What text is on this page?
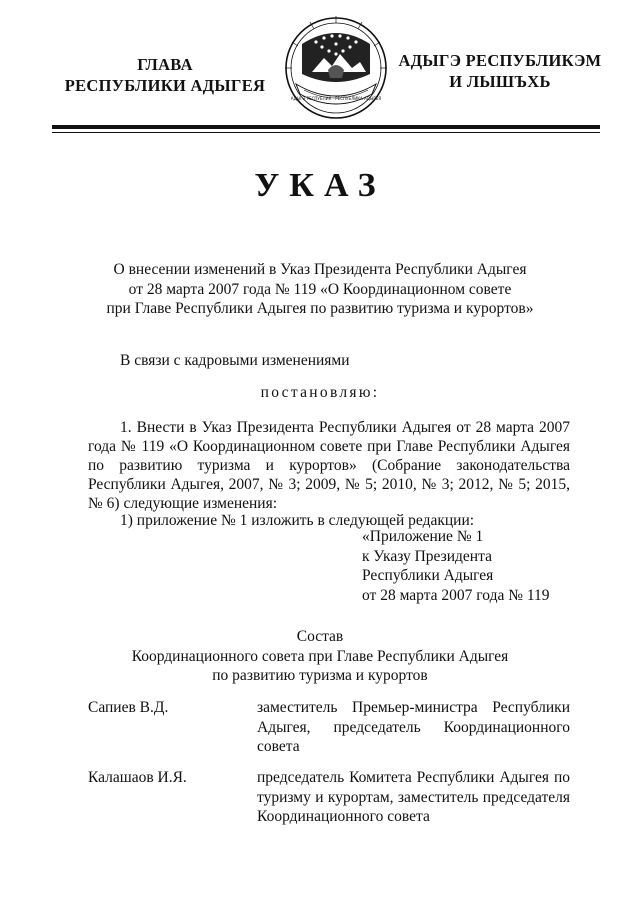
ГЛАВА
РЕСПУБЛИКИ АДЫГЕЯ
АДЫГЭ РЕСПУБЛИК · РЕСПУБЛИКА АДЫГЕЯ
АДЫГЭ РЕСПУБЛИКЭМ
И ЛЫШЪХЬ
УКАЗ
О внесении изменений в Указ Президента Республики Адыгея
от 28 марта 2007 года № 119 «О Координационном совете
при Главе Республики Адыгея по развитию туризма и курортов»
В связи с кадровыми изменениями
постановляю:
1. Внести в Указ Президента Республики Адыгея от 28 марта 2007
года № 119 «О Координационном совете при Главе Республики Адыгея
по развитию туризма и курортов» (Собрание законодательства
Республики Адыгея, 2007, № 3; 2009, № 5; 2010, № 3; 2012, № 5; 2015,
№ 6) следующие изменения:
1) приложение № 1 изложить в следующей редакции:
«Приложение № 1
к Указу Президента
Республики Адыгея
от 28 марта 2007 года № 119
Состав
Координационного совета при Главе Республики Адыгея
по развитию туризма и курортов
Сапиев В.Д.	заместитель Премьер-министра Республики
Адыгея, председатель Координационного
совета
Калашаов И.Я.	председатель Комитета Республики Адыгея по
туризму и курортам, заместитель председателя
Координационного совета
